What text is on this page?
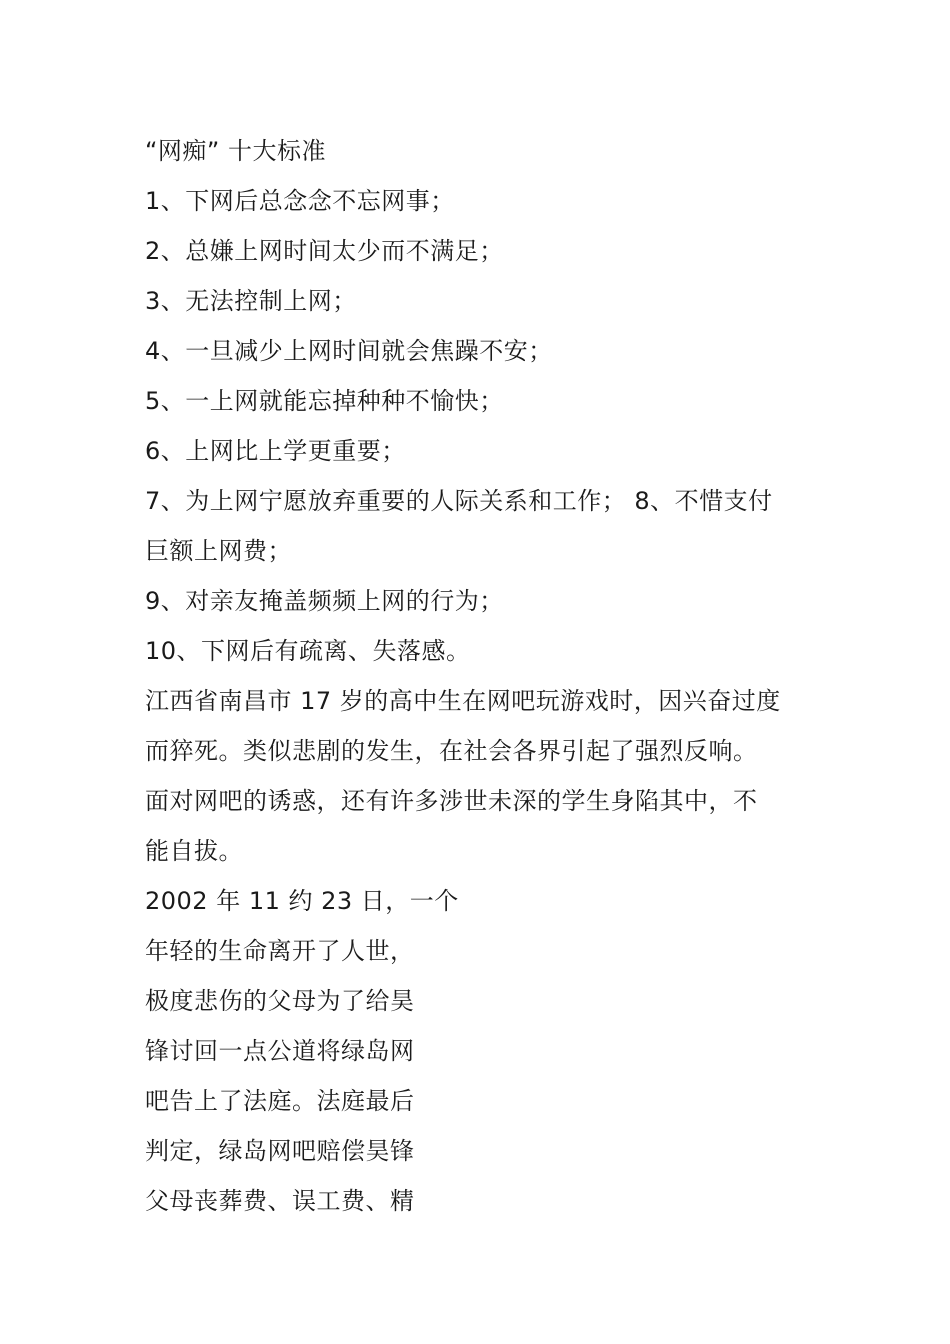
“网痴” 十大标准
1、下网后总念念不忘网事；
2、总嫌上网时间太少而不满足；
3、无法控制上网；
4、一旦减少上网时间就会焦躁不安；
5、一上网就能忘掉种种不愉快；
6、上网比上学更重要；
7、为上网宁愿放弃重要的人际关系和工作； 8、不惜支付
巨额上网费；
9、对亲友掩盖频频上网的行为；
10、下网后有疏离、失落感。
江西省南昌市 17 岁的高中生在网吧玩游戏时，因兴奋过度
而猝死。类似悲剧的发生，在社会各界引起了强烈反响。
面对网吧的诱惑，还有许多涉世未深的学生身陷其中，不
能自拔。
2002 年 11 约 23 日，一个
年轻的生命离开了人世，
极度悲伤的父母为了给昊
锋讨回一点公道将绿岛网
吧告上了法庭。法庭最后
判定，绿岛网吧赔偿昊锋
父母丧葬费、误工费、精
